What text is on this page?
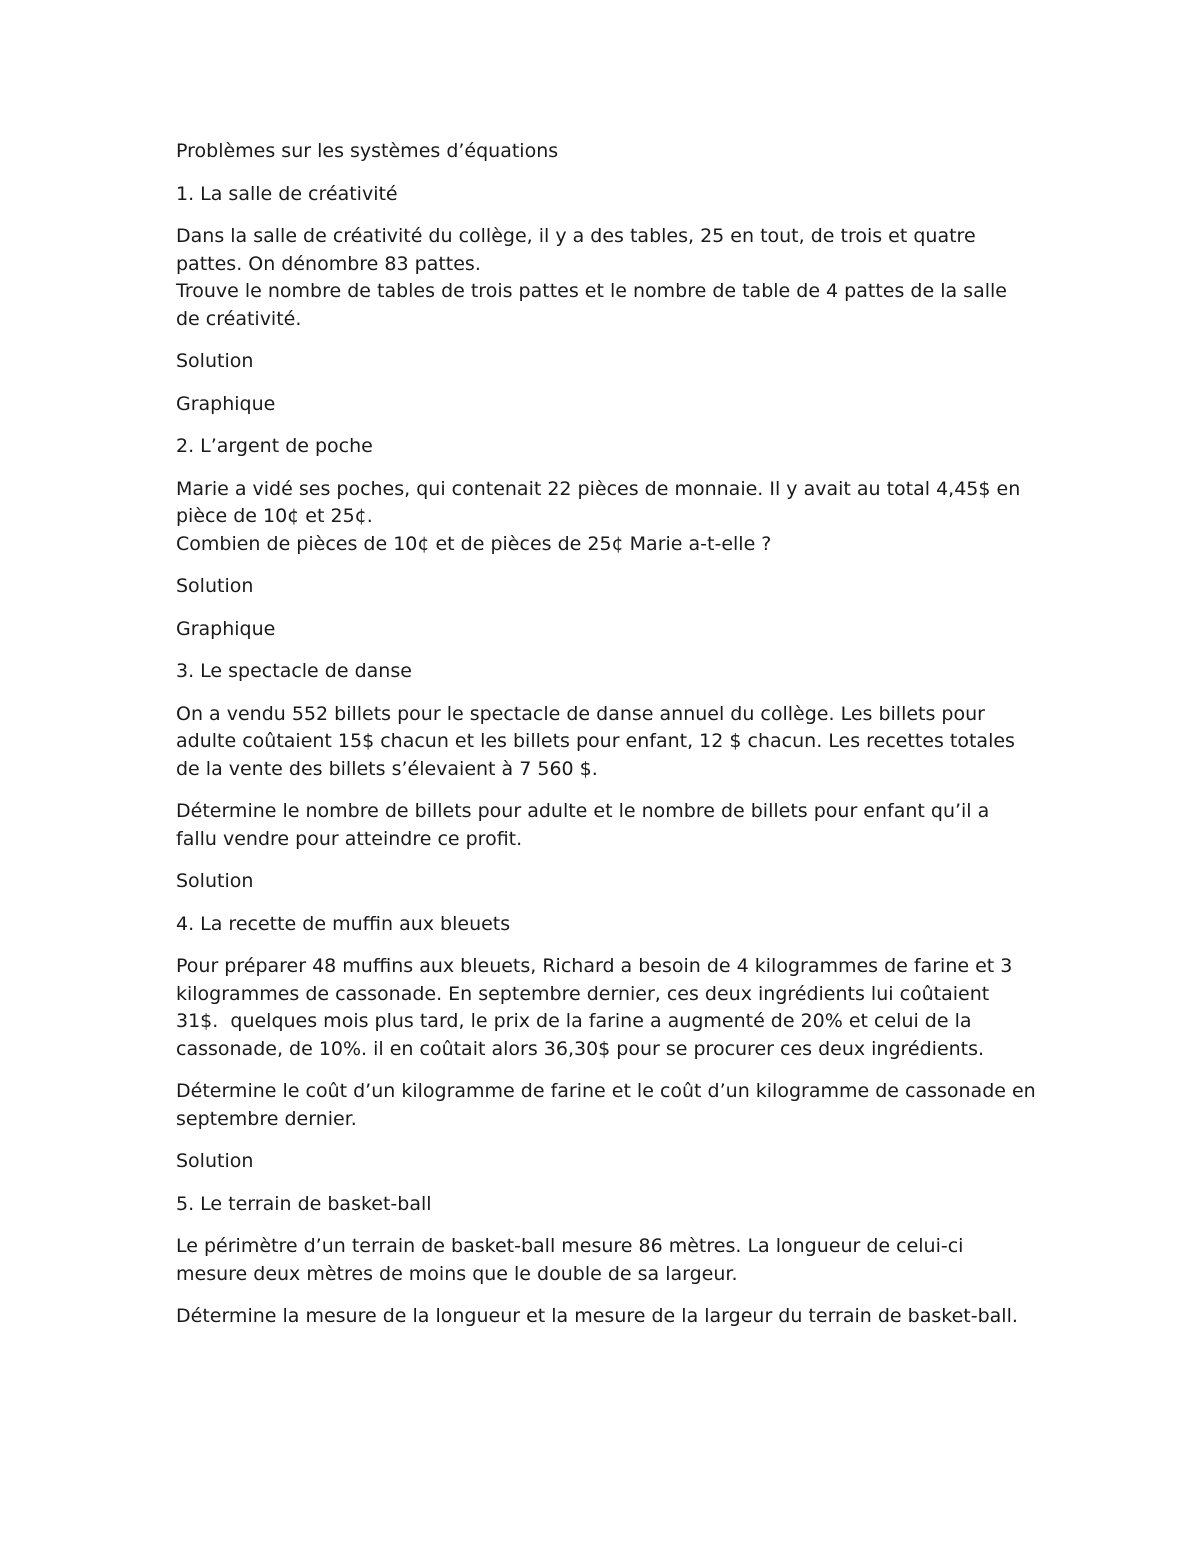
Problèmes sur les systèmes d’équations

1. La salle de créativité

Dans la salle de créativité du collège, il y a des tables, 25 en tout, de trois et quatre pattes. On dénombre 83 pattes.

Trouve le nombre de tables de trois pattes et le nombre de table de 4 pattes de la salle de créativité.

Solution

Graphique

2. L’argent de poche

Marie a vidé ses poches, qui contenait 22 pièces de monnaie. Il y avait au total 4,45$ en pièce de 10¢ et 25¢.

Combien de pièces de 10¢ et de pièces de 25¢ Marie a-t-elle ?

Solution

Graphique

3. Le spectacle de danse

On a vendu 552 billets pour le spectacle de danse annuel du collège. Les billets pour adulte coûtaient 15$ chacun et les billets pour enfant, 12 $ chacun. Les recettes totales de la vente des billets s’élevaient à 7 560 $.

Détermine le nombre de billets pour adulte et le nombre de billets pour enfant qu’il a fallu vendre pour atteindre ce profit.

Solution

4. La recette de muffin aux bleuets

Pour préparer 48 muffins aux bleuets, Richard a besoin de 4 kilogrammes de farine et 3 kilogrammes de cassonade. En septembre dernier, ces deux ingrédients lui coûtaient 31$.  quelques mois plus tard, le prix de la farine a augmenté de 20% et celui de la cassonade, de 10%. il en coûtait alors 36,30$ pour se procurer ces deux ingrédients.

Détermine le coût d’un kilogramme de farine et le coût d’un kilogramme de cassonade en septembre dernier.

Solution

5. Le terrain de basket-ball

Le périmètre d’un terrain de basket-ball mesure 86 mètres. La longueur de celui-ci mesure deux mètres de moins que le double de sa largeur.

Détermine la mesure de la longueur et la mesure de la largeur du terrain de basket-ball.
